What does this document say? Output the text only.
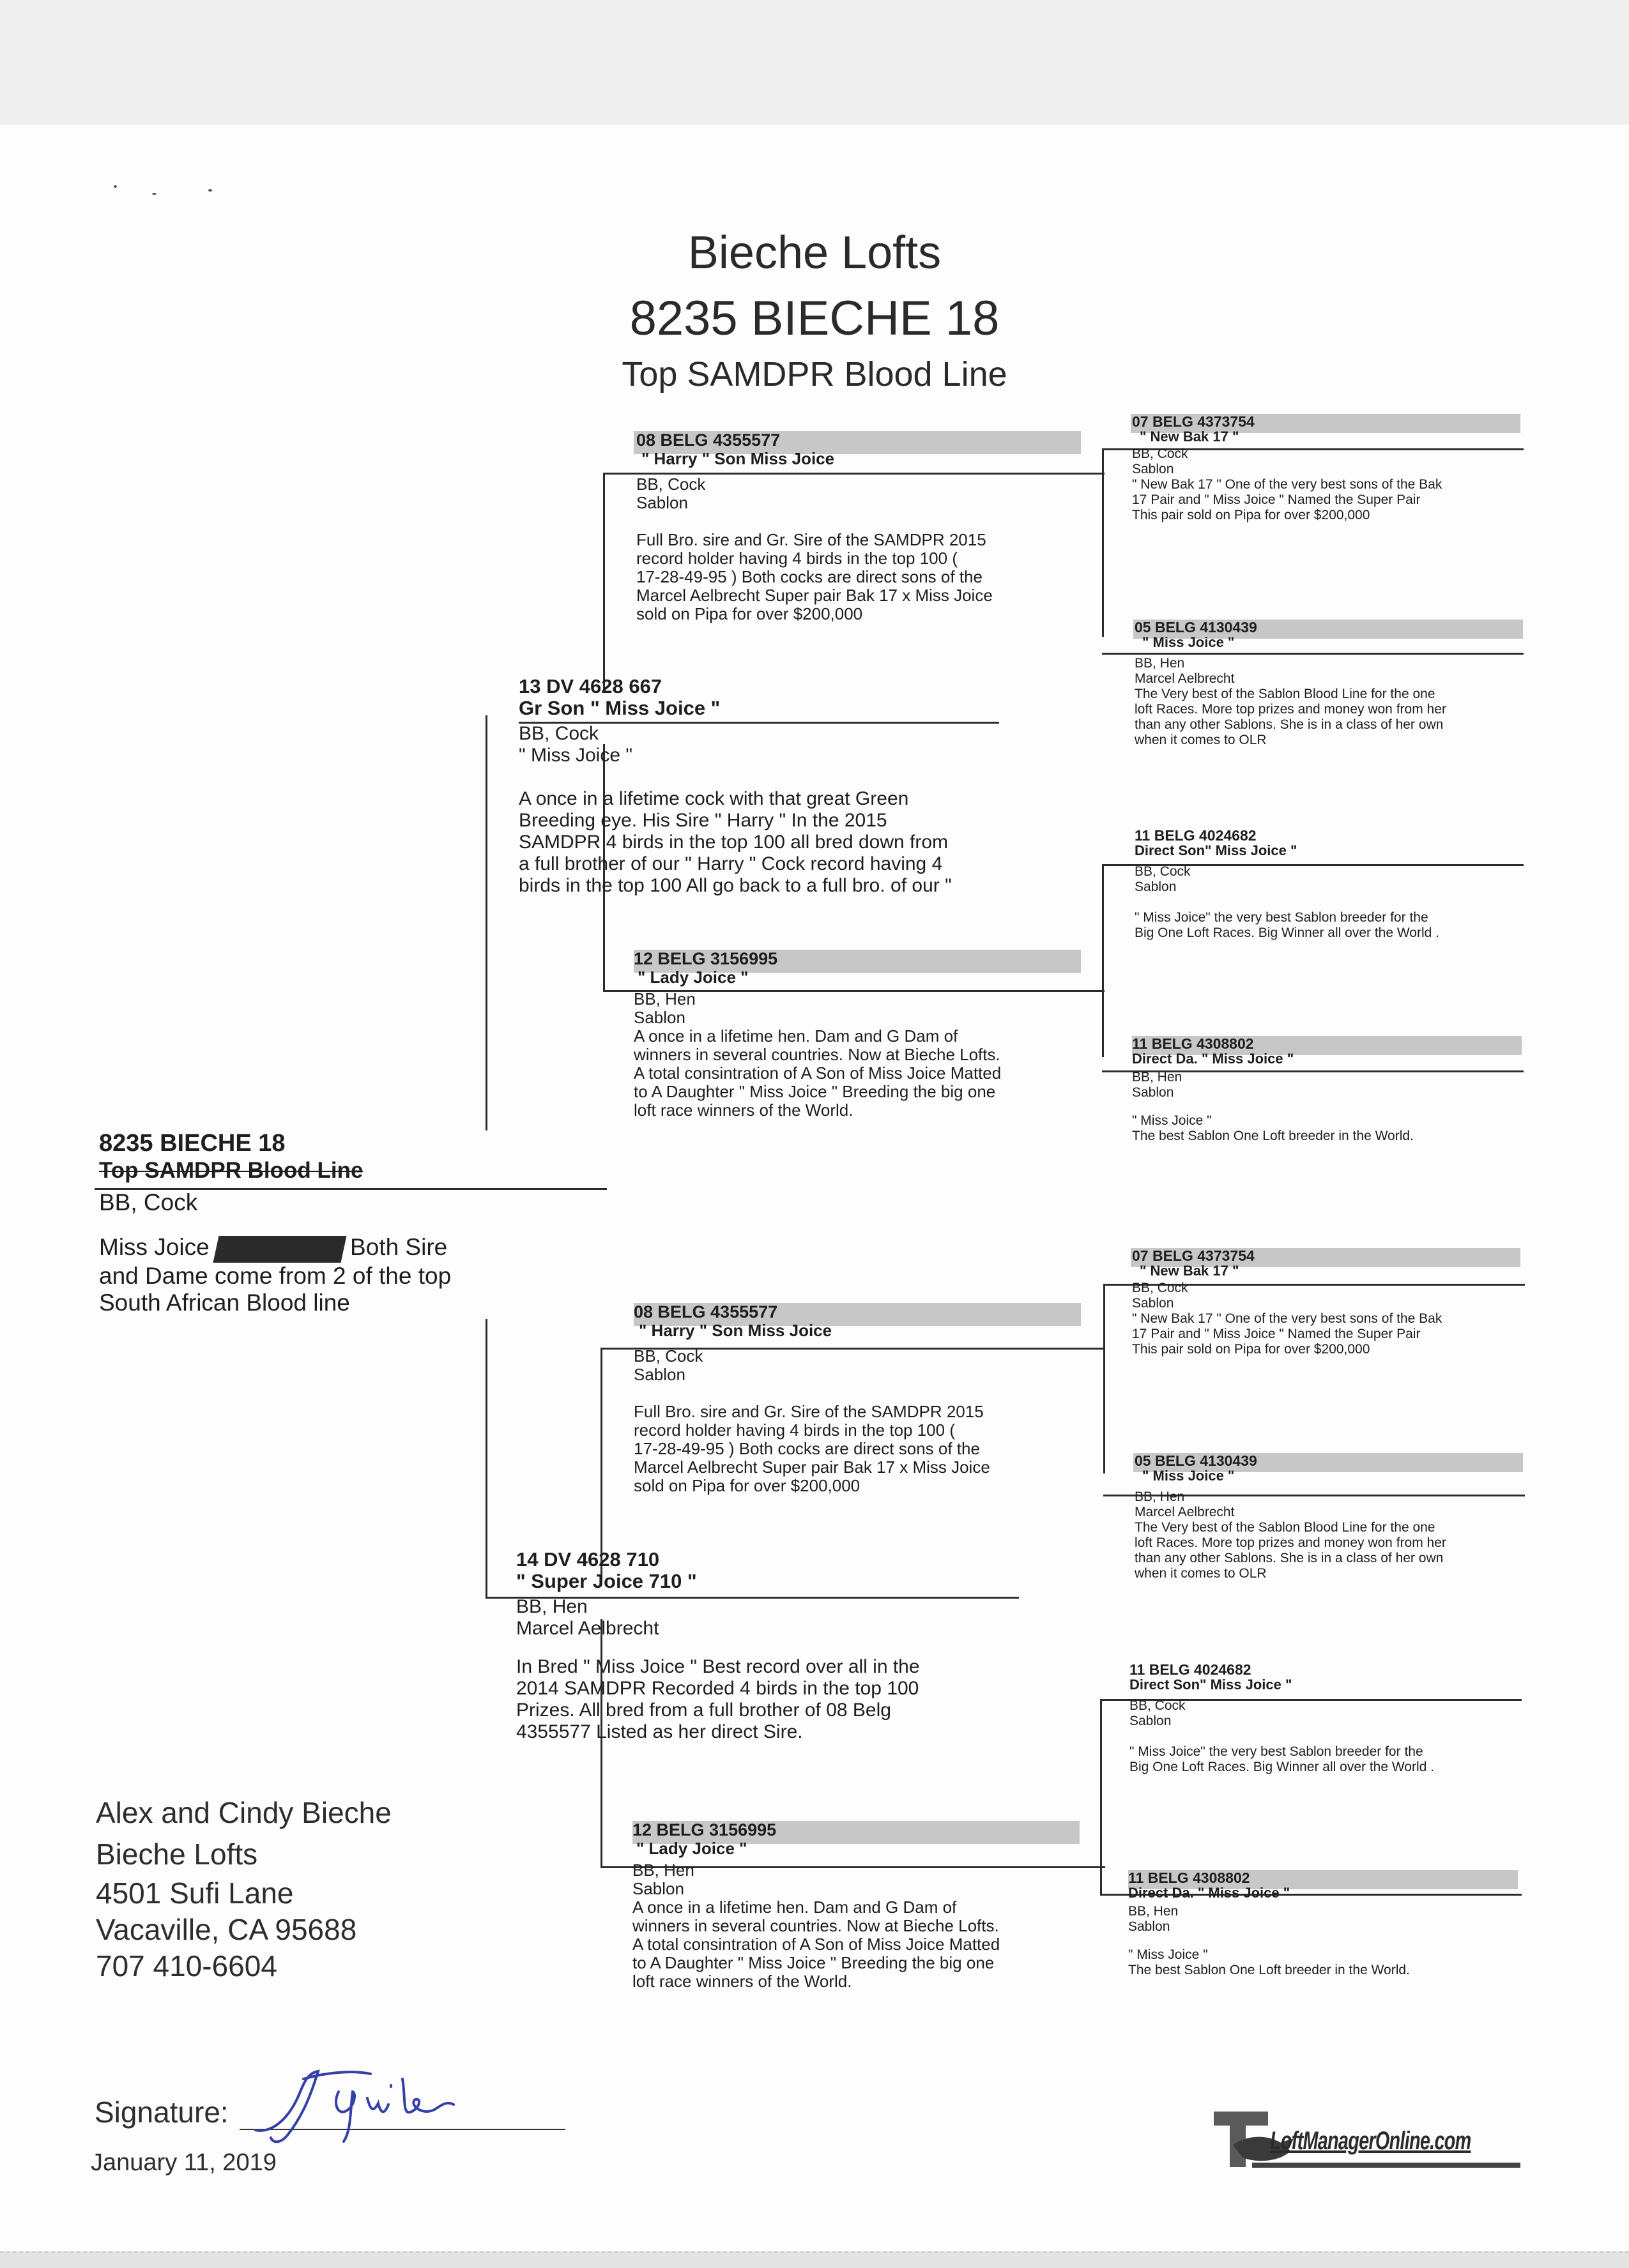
Bieche Lofts
8235 BIECHE 18
Top SAMDPR Blood Line
8235 BIECHE 18
Top SAMDPR Blood Line
BB, Cock

Miss Joice X Aflons Klazs Both Sire

and Dame come from 2 of the top

South African Blood line

13 DV 4628 667
Gr Son " Miss Joice "
BB, Cock
" Miss Joice "

A once in a lifetime cock with that great Green

Breeding eye. His Sire " Harry " In the 2015

SAMDPR 4 birds in the top 100 all bred down from

a full brother of our " Harry " Cock record having 4

birds in the top 100 All go back to a full bro. of our "

14 DV 4628 710
" Super Joice 710 "
BB, Hen
Marcel Aelbrecht

In Bred " Miss Joice " Best record over all in the

2014 SAMDPR Recorded 4 birds in the top 100

Prizes. All bred from a full brother of 08 Belg

4355577 Listed as her direct Sire.

08 BELG 4355577
" Harry " Son Miss Joice
BB, Cock
Sablon

Full Bro. sire and Gr. Sire of the SAMDPR 2015

record holder having 4 birds in the top 100 (

17-28-49-95 ) Both cocks are direct sons of the

Marcel Aelbrecht Super pair Bak 17 x Miss Joice

sold on Pipa for over $200,000

12 BELG 3156995
" Lady Joice "
BB, Hen
Sablon

A once in a lifetime hen. Dam and G Dam of

winners in several countries. Now at Bieche Lofts.

A total consintration of A Son of Miss Joice Matted

to A Daughter " Miss Joice " Breeding the big one

loft race winners of the World.

08 BELG 4355577
" Harry " Son Miss Joice
BB, Cock
Sablon

Full Bro. sire and Gr. Sire of the SAMDPR 2015

record holder having 4 birds in the top 100 (

17-28-49-95 ) Both cocks are direct sons of the

Marcel Aelbrecht Super pair Bak 17 x Miss Joice

sold on Pipa for over $200,000

12 BELG 3156995
" Lady Joice "
BB, Hen
Sablon

A once in a lifetime hen. Dam and G Dam of

winners in several countries. Now at Bieche Lofts.

A total consintration of A Son of Miss Joice Matted

to A Daughter " Miss Joice " Breeding the big one

loft race winners of the World.

07 BELG 4373754
" New Bak 17 "
BB, Cock
Sablon

" New Bak 17 " One of the very best sons of the Bak

17 Pair and " Miss Joice " Named the Super Pair

This pair sold on Pipa for over $200,000

05 BELG 4130439
" Miss Joice "
BB, Hen
Marcel Aelbrecht

The Very best of the Sablon Blood Line for the one

loft Races. More top prizes and money won from her

than any other Sablons. She is in a class of her own

when it comes to OLR

11 BELG 4024682
Direct Son" Miss Joice "
BB, Cock
Sablon

" Miss Joice" the very best Sablon breeder for the

Big One Loft Races. Big Winner all over the World .

11 BELG 4308802
Direct Da. " Miss Joice "
BB, Hen
Sablon

" Miss Joice "

The best Sablon One Loft breeder in the World.

07 BELG 4373754
" New Bak 17 "
BB, Cock
Sablon

" New Bak 17 " One of the very best sons of the Bak

17 Pair and " Miss Joice " Named the Super Pair

This pair sold on Pipa for over $200,000

05 BELG 4130439
" Miss Joice "
BB, Hen
Marcel Aelbrecht

The Very best of the Sablon Blood Line for the one

loft Races. More top prizes and money won from her

than any other Sablons. She is in a class of her own

when it comes to OLR

11 BELG 4024682
Direct Son" Miss Joice "
BB, Cock
Sablon

" Miss Joice" the very best Sablon breeder for the

Big One Loft Races. Big Winner all over the World .

11 BELG 4308802
Direct Da. " Miss Joice "
BB, Hen
Sablon

" Miss Joice "

The best Sablon One Loft breeder in the World.

Alex and Cindy Bieche
Bieche Lofts
4501 Sufi Lane
Vacaville, CA 95688
707 410-6604
Signature:
January 11, 2019
LoftManagerOnline.com
